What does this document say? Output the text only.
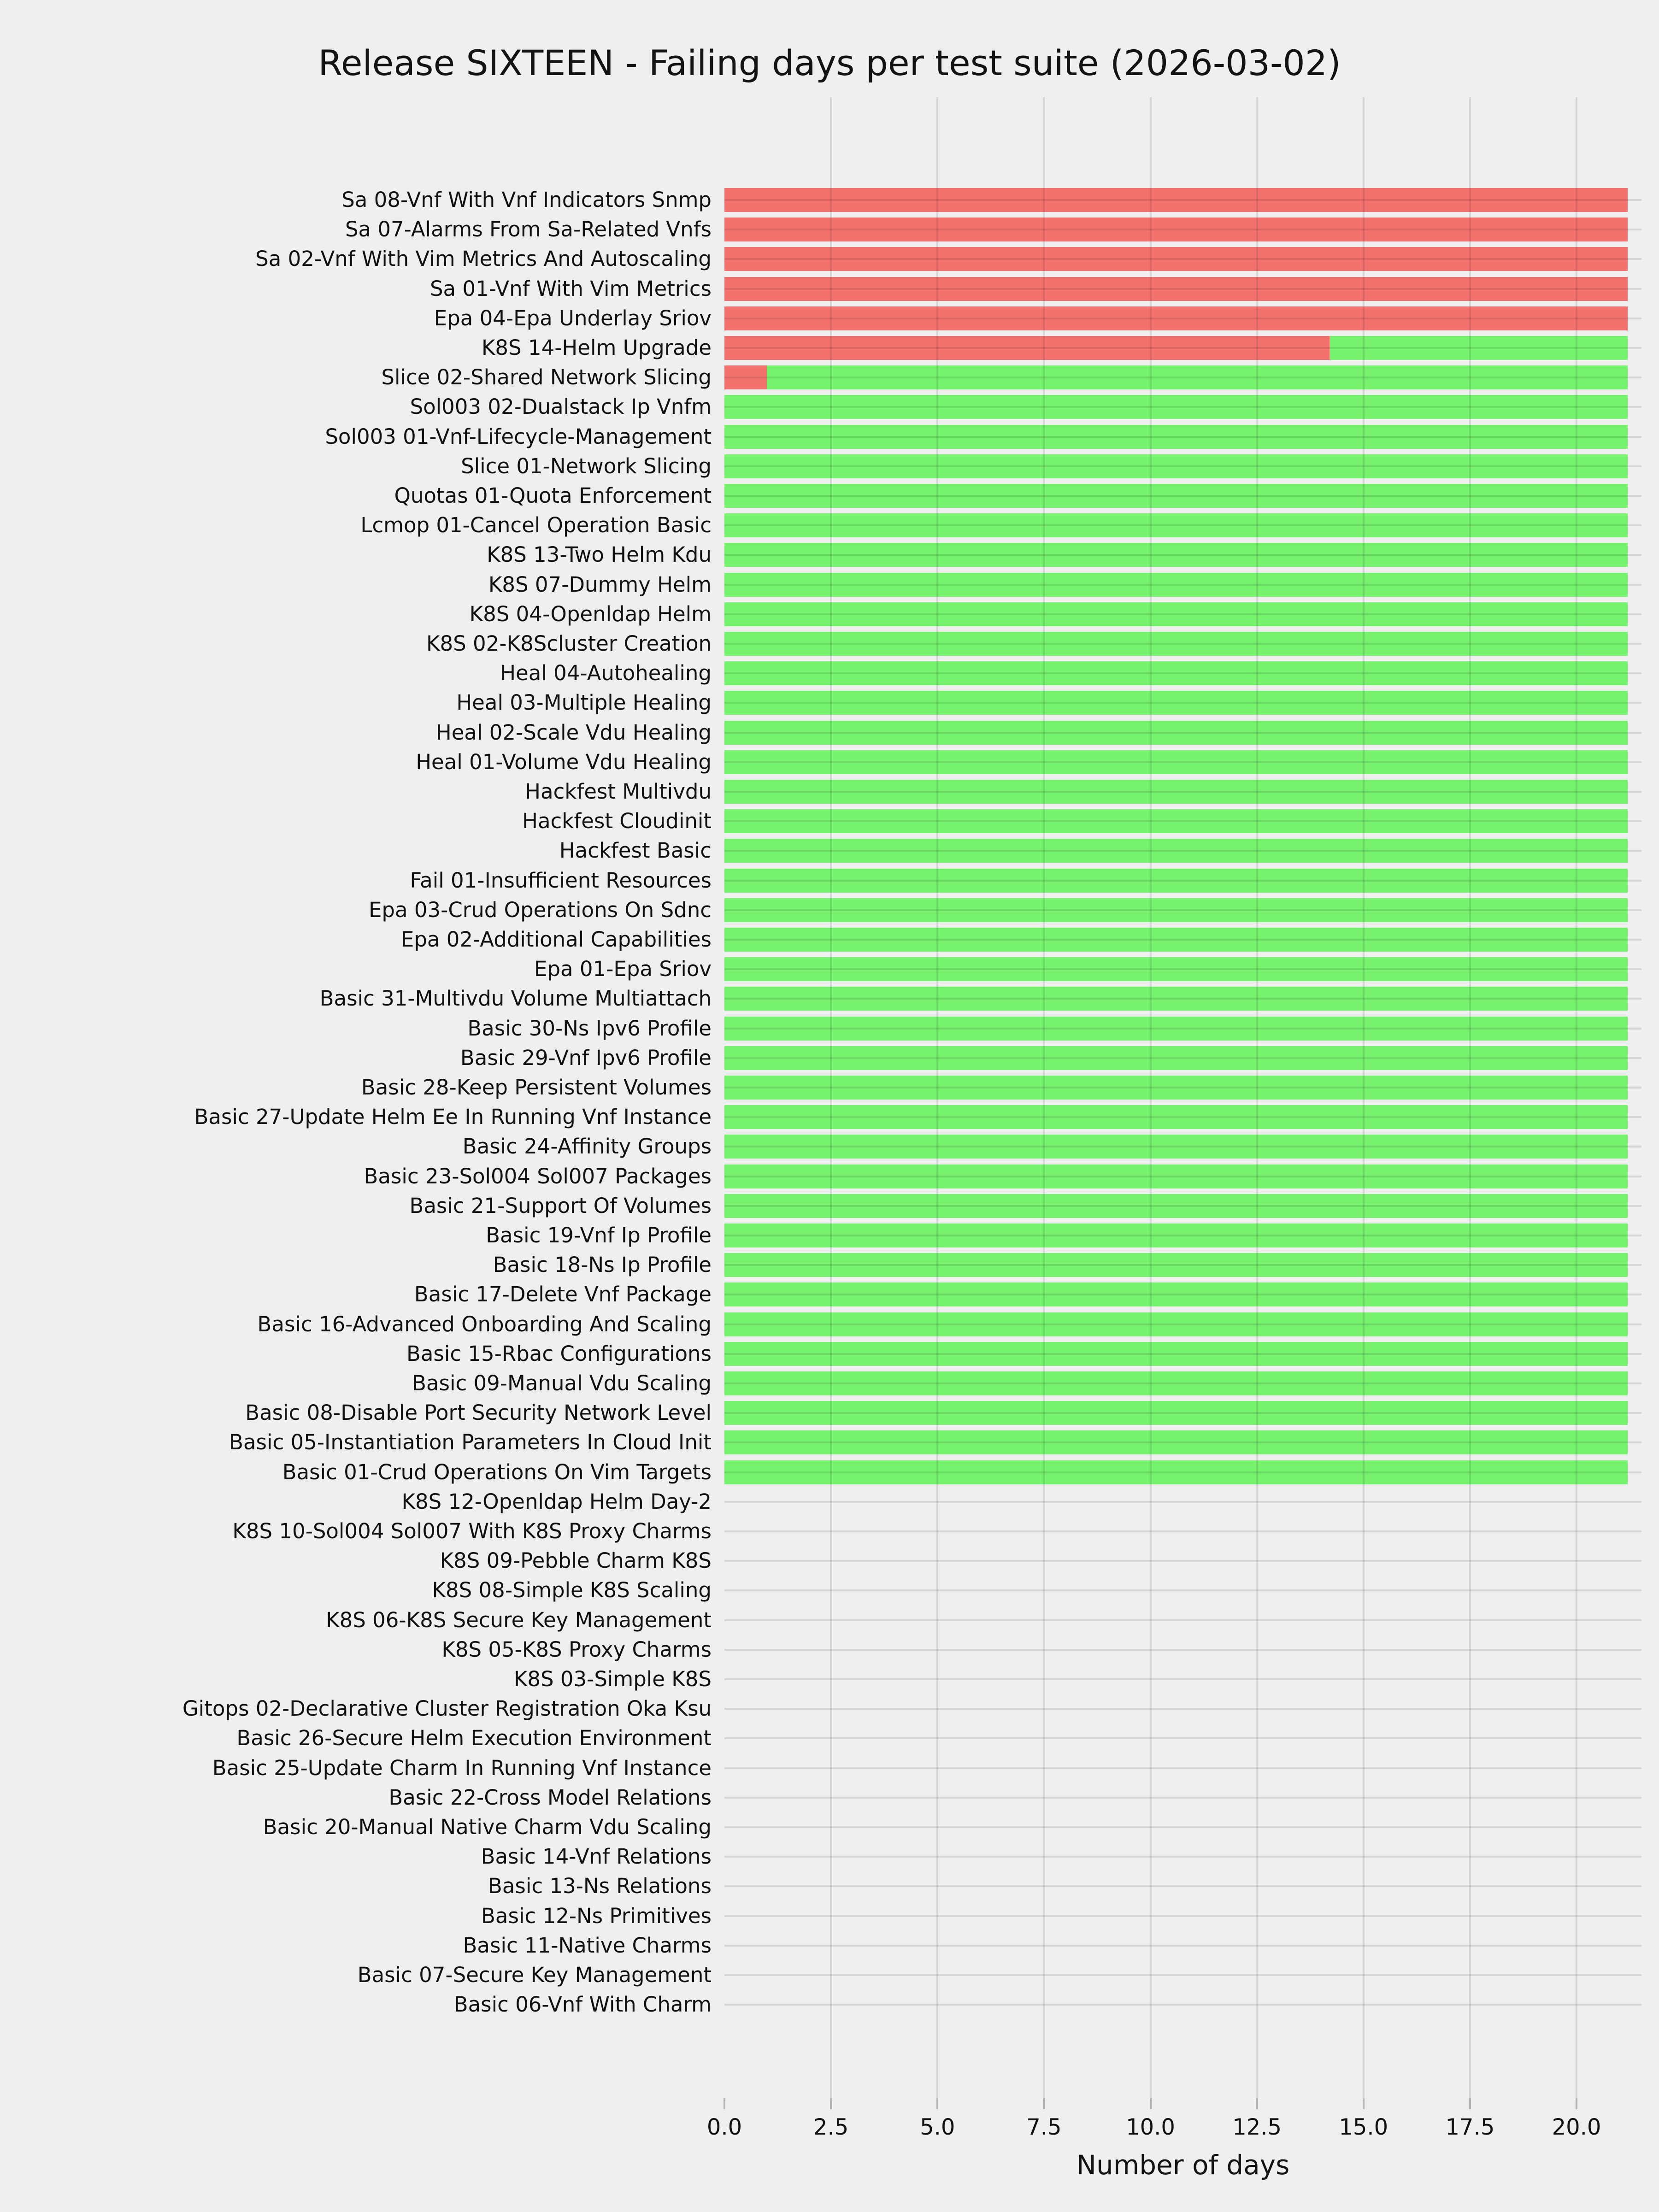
Release SIXTEEN - Failing days per test suite (2026-03-02)
Number of days
0.0	2.5	5.0	7.5	10.0	12.5	15.0	17.5	20.0
Sa 08-Vnf With Vnf Indicators Snmp
Sa 07-Alarms From Sa-Related Vnfs
Sa 02-Vnf With Vim Metrics And Autoscaling
Sa 01-Vnf With Vim Metrics
Epa 04-Epa Underlay Sriov
K8S 14-Helm Upgrade
Slice 02-Shared Network Slicing
Sol003 02-Dualstack Ip Vnfm
Sol003 01-Vnf-Lifecycle-Management
Slice 01-Network Slicing
Quotas 01-Quota Enforcement
Lcmop 01-Cancel Operation Basic
K8S 13-Two Helm Kdu
K8S 07-Dummy Helm
K8S 04-Openldap Helm
K8S 02-K8Scluster Creation
Heal 04-Autohealing
Heal 03-Multiple Healing
Heal 02-Scale Vdu Healing
Heal 01-Volume Vdu Healing
Hackfest Multivdu
Hackfest Cloudinit
Hackfest Basic
Fail 01-Insufficient Resources
Epa 03-Crud Operations On Sdnc
Epa 02-Additional Capabilities
Epa 01-Epa Sriov
Basic 31-Multivdu Volume Multiattach
Basic 30-Ns Ipv6 Profile
Basic 29-Vnf Ipv6 Profile
Basic 28-Keep Persistent Volumes
Basic 27-Update Helm Ee In Running Vnf Instance
Basic 24-Affinity Groups
Basic 23-Sol004 Sol007 Packages
Basic 21-Support Of Volumes
Basic 19-Vnf Ip Profile
Basic 18-Ns Ip Profile
Basic 17-Delete Vnf Package
Basic 16-Advanced Onboarding And Scaling
Basic 15-Rbac Configurations
Basic 09-Manual Vdu Scaling
Basic 08-Disable Port Security Network Level
Basic 05-Instantiation Parameters In Cloud Init
Basic 01-Crud Operations On Vim Targets
K8S 12-Openldap Helm Day-2
K8S 10-Sol004 Sol007 With K8S Proxy Charms
K8S 09-Pebble Charm K8S
K8S 08-Simple K8S Scaling
K8S 06-K8S Secure Key Management
K8S 05-K8S Proxy Charms
K8S 03-Simple K8S
Gitops 02-Declarative Cluster Registration Oka Ksu
Basic 26-Secure Helm Execution Environment
Basic 25-Update Charm In Running Vnf Instance
Basic 22-Cross Model Relations
Basic 20-Manual Native Charm Vdu Scaling
Basic 14-Vnf Relations
Basic 13-Ns Relations
Basic 12-Ns Primitives
Basic 11-Native Charms
Basic 07-Secure Key Management
Basic 06-Vnf With Charm
